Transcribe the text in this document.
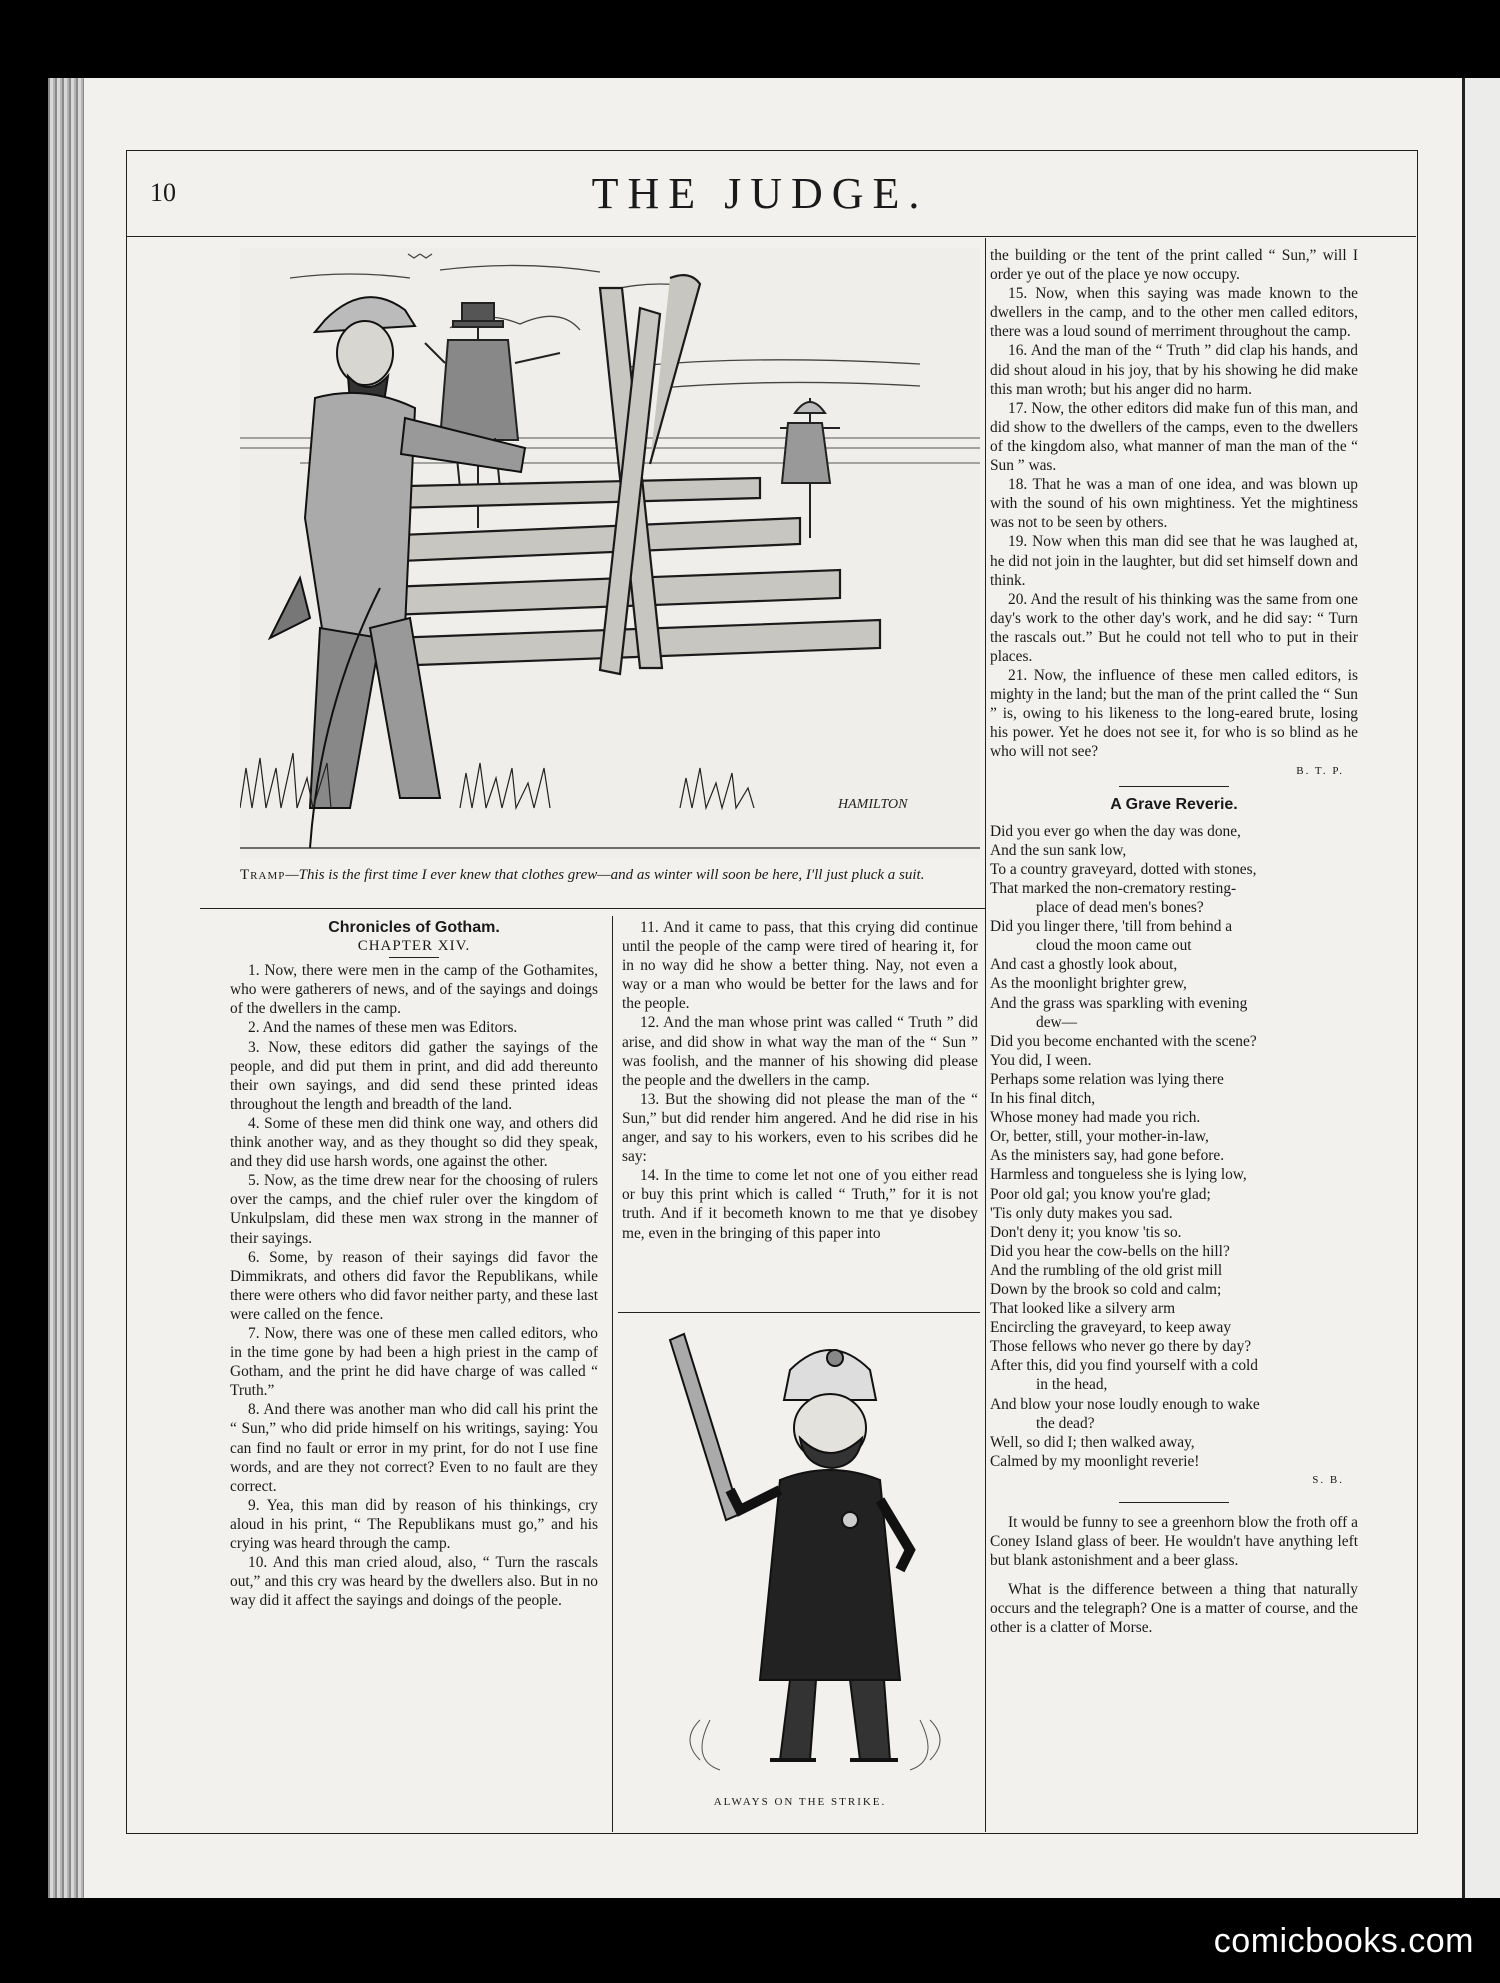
10	THE JUDGE.
HAMILTON
Tramp—This is the first time I ever knew that clothes grew—and as winter will soon be here, I'll just pluck a suit.
Chronicles of Gotham.
CHAPTER XIV.

1. Now, there were men in the camp of the Gothamites, who were gatherers of news, and of the sayings and doings of the dwellers in the camp.

2. And the names of these men was Editors.

3. Now, these editors did gather the sayings of the people, and did put them in print, and did add thereunto their own sayings, and did send these printed ideas throughout the length and breadth of the land.

4. Some of these men did think one way, and others did think another way, and as they thought so did they speak, and they did use harsh words, one against the other.

5. Now, as the time drew near for the choosing of rulers over the camps, and the chief ruler over the kingdom of Unkulpslam, did these men wax strong in the manner of their sayings.

6. Some, by reason of their sayings did favor the Dimmikrats, and others did favor the Republikans, while there were others who did favor neither party, and these last were called on the fence.

7. Now, there was one of these men called editors, who in the time gone by had been a high priest in the camp of Gotham, and the print he did have charge of was called “ Truth.”

8. And there was another man who did call his print the “ Sun,” who did pride himself on his writings, saying: You can find no fault or error in my print, for do not I use fine words, and are they not correct? Even to no fault are they correct.

9. Yea, this man did by reason of his thinkings, cry aloud in his print, “ The Republikans must go,” and his crying was heard through the camp.

10. And this man cried aloud, also, “ Turn the rascals out,” and this cry was heard by the dwellers also. But in no way did it affect the sayings and doings of the people.

11. And it came to pass, that this crying did continue until the people of the camp were tired of hearing it, for in no way did he show a better thing. Nay, not even a way or a man who would be better for the laws and for the people.

12. And the man whose print was called “ Truth ” did arise, and did show in what way the man of the “ Sun ” was foolish, and the manner of his showing did please the people and the dwellers in the camp.

13. But the showing did not please the man of the “ Sun,” but did render him angered. And he did rise in his anger, and say to his workers, even to his scribes did he say:

14. In the time to come let not one of you either read or buy this print which is called “ Truth,” for it is not truth. And if it becometh known to me that ye disobey me, even in the bringing of this paper into

ALWAYS ON THE STRIKE.

the building or the tent of the print called “ Sun,” will I order ye out of the place ye now occupy.

15. Now, when this saying was made known to the dwellers in the camp, and to the other men called editors, there was a loud sound of merriment throughout the camp.

16. And the man of the “ Truth ” did clap his hands, and did shout aloud in his joy, that by his showing he did make this man wroth; but his anger did no harm.

17. Now, the other editors did make fun of this man, and did show to the dwellers of the camps, even to the dwellers of the kingdom also, what manner of man the man of the “ Sun ” was.

18. That he was a man of one idea, and was blown up with the sound of his own mightiness. Yet the mightiness was not to be seen by others.

19. Now when this man did see that he was laughed at, he did not join in the laughter, but did set himself down and think.

20. And the result of his thinking was the same from one day's work to the other day's work, and he did say: “ Turn the rascals out.” But he could not tell who to put in their places.

21. Now, the influence of these men called editors, is mighty in the land; but the man of the print called the “ Sun ” is, owing to his likeness to the long-eared brute, losing his power. Yet he does not see it, for who is so blind as he who will not see?

B. T. P.
A Grave Reverie.
Did you ever go when the day was done,
And the sun sank low,
To a country graveyard, dotted with stones,
That marked the non-crematory resting-
place of dead men's bones?
Did you linger there, 'till from behind a
cloud the moon came out
And cast a ghostly look about,
As the moonlight brighter grew,
And the grass was sparkling with evening
dew—
Did you become enchanted with the scene?
You did, I ween.
Perhaps some relation was lying there
In his final ditch,
Whose money had made you rich.
Or, better, still, your mother-in-law,
As the ministers say, had gone before.
Harmless and tongueless she is lying low,
Poor old gal; you know you're glad;
'Tis only duty makes you sad.
Don't deny it; you know 'tis so.
Did you hear the cow-bells on the hill?
And the rumbling of the old grist mill
Down by the brook so cold and calm;
That looked like a silvery arm
Encircling the graveyard, to keep away
Those fellows who never go there by day?
After this, did you find yourself with a cold
in the head,
And blow your nose loudly enough to wake
the dead?
Well, so did I; then walked away,
Calmed by my moonlight reverie!
S. B.

It would be funny to see a greenhorn blow the froth off a Coney Island glass of beer. He wouldn't have anything left but blank astonishment and a beer glass.

What is the difference between a thing that naturally occurs and the telegraph? One is a matter of course, and the other is a clatter of Morse.

comicbooks.com
